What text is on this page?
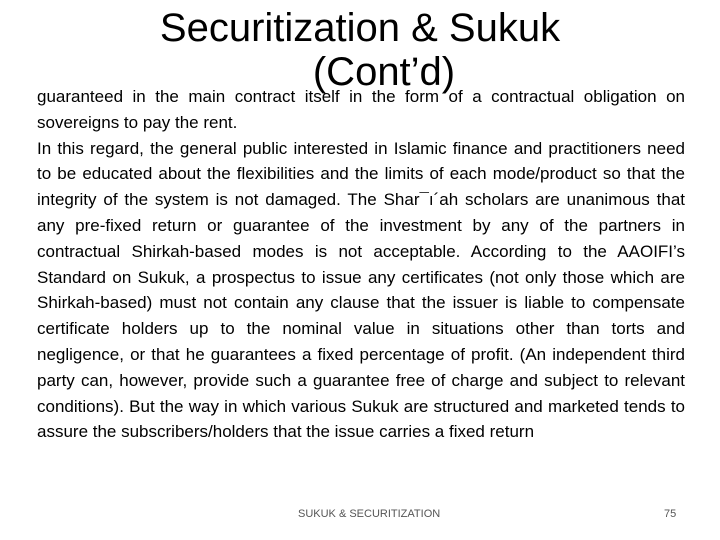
Securitization & Sukuk
(Cont’d)

guaranteed in the main contract itself in the form of a contractual obligation on sovereigns to pay the rent.

In this regard, the general public interested in Islamic finance and practitioners need to be educated about the flexibilities and the limits of each mode/product so that the integrity of the system is not damaged. The Shar¯ı´ah scholars are unanimous that any pre-fixed return or guarantee of the investment by any of the partners in contractual Shirkah-based modes is not acceptable. According to the AAOIFI’s Standard on Sukuk, a prospectus to issue any certificates (not only those which are Shirkah-based) must not contain any clause that the issuer is liable to compensate certificate holders up to the nominal value in situations other than torts and negligence, or that he guarantees a fixed percentage of profit. (An independent third party can, however, provide such a guarantee free of charge and subject to relevant conditions). But the way in which various Sukuk are structured and marketed tends to assure the subscribers/holders that the issue carries a fixed return

SUKUK & SECURITIZATION	75
